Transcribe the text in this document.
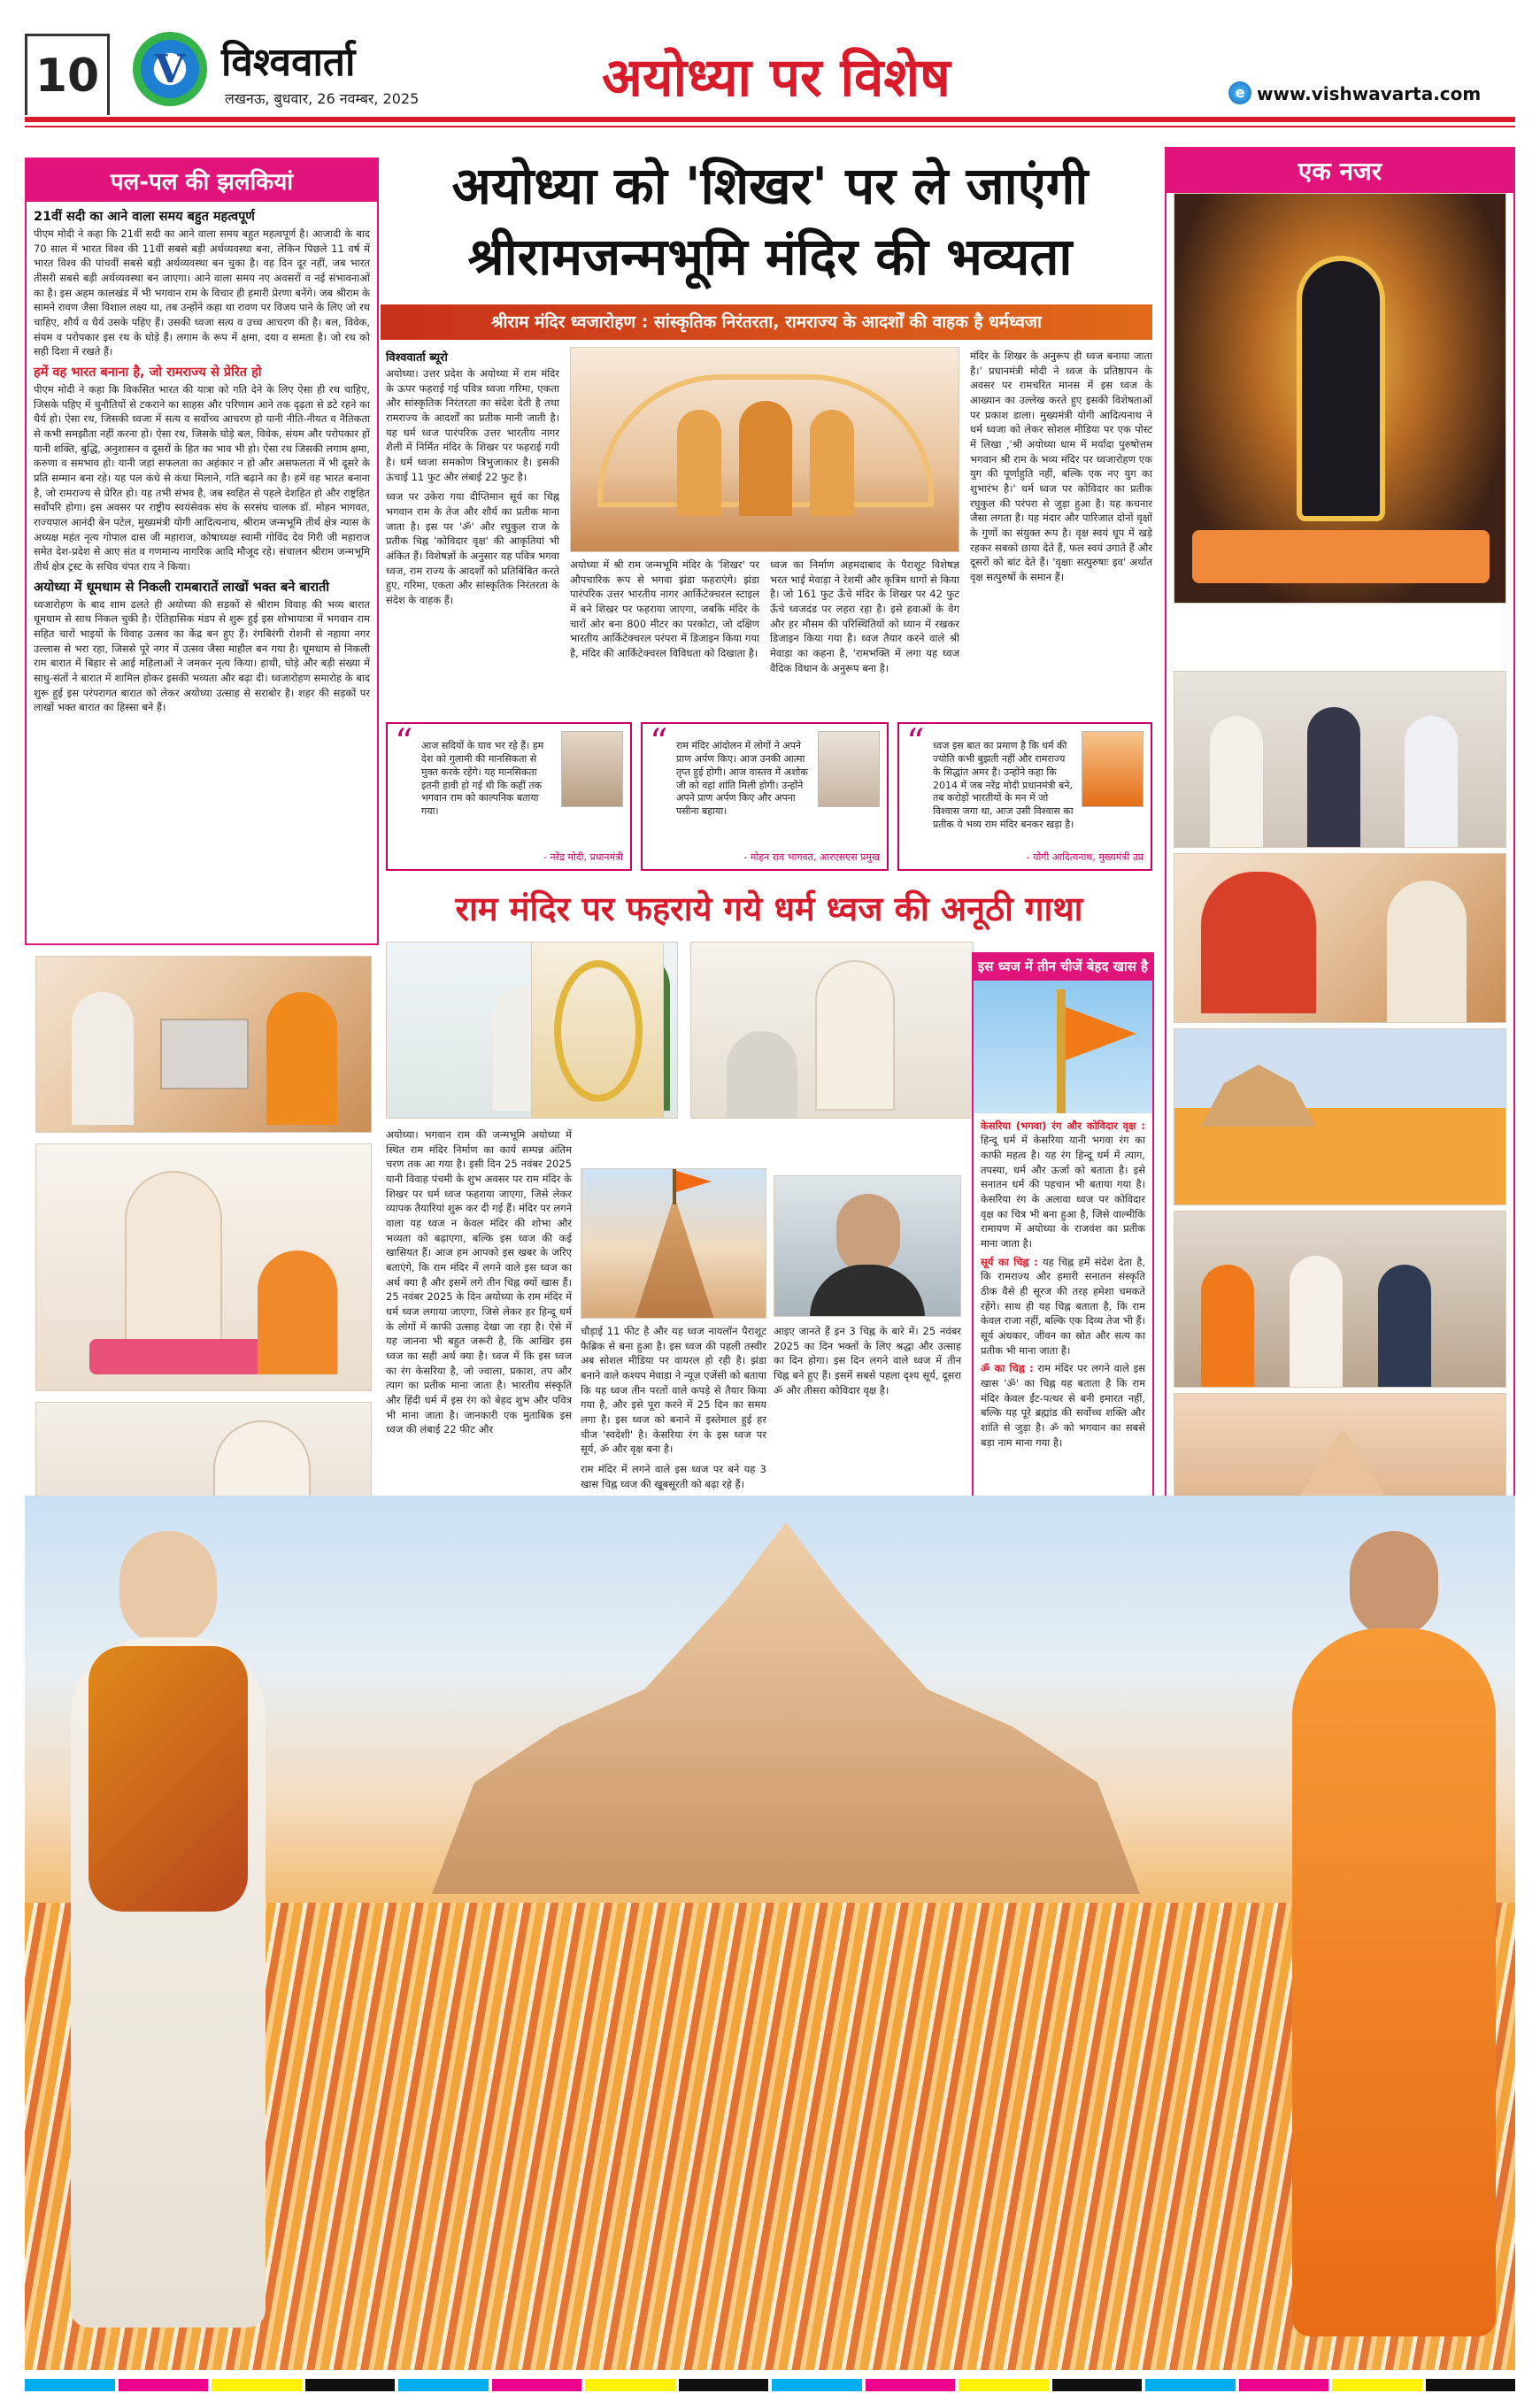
10 V विश्ववार्ता
लखनऊ, बुधवार, 26 नवम्बर, 2025	अयोध्या पर विशेष	e www.vishwavarta.com
पल-पल की झलकियां
21वीं सदी का आने वाला समय बहुत महत्वपूर्ण

पीएम मोदी ने कहा कि 21वीं सदी का आने वाला समय बहुत महत्वपूर्ण है। आजादी के बाद 70 साल में भारत विश्व की 11वीं सबसे बड़ी अर्थव्यवस्था बना, लेकिन पिछले 11 वर्ष में भारत विश्व की पांचवीं सबसे बड़ी अर्थव्यवस्था बन चुका है। वह दिन दूर नहीं, जब भारत तीसरी सबसे बड़ी अर्थव्यवस्था बन जाएगा। आने वाला समय नए अवसरों व नई संभावनाओं का है। इस अहम कालखंड में भी भगवान राम के विचार ही हमारी प्रेरणा बनेंगे। जब श्रीराम के सामने रावण जैसा विशाल लक्ष्य था, तब उन्होंने कहा था रावण पर विजय पाने के लिए जो रथ चाहिए, शौर्य व धैर्य उसके पहिए हैं। उसकी ध्वजा सत्य व उच्च आचरण की है। बल, विवेक, संयम व परोपकार इस रथ के घोड़े हैं। लगाम के रूप में क्षमा, दया व समता है। जो रथ को सही दिशा में रखते हैं।

हमें वह भारत बनाना है, जो रामराज्य से प्रेरित हो

पीएम मोदी ने कहा कि विकसित भारत की यात्रा को गति देने के लिए ऐसा ही रथ चाहिए, जिसके पहिए में चुनौतियों से टकराने का साहस और परिणाम आने तक दृढ़ता से डटे रहने का धैर्य हो। ऐसा रथ, जिसकी ध्वजा में सत्य व सर्वोच्च आचरण हो यानी नीति-नीयत व नैतिकता से कभी समझौता नहीं करना हो। ऐसा रथ, जिसके घोड़े बल, विवेक, संयम और परोपकार हों यानी शक्ति, बुद्धि, अनुशासन व दूसरों के हित का भाव भी हो। ऐसा रथ जिसकी लगाम क्षमा, करुणा व समभाव हो। यानी जहां सफलता का अहंकार न हो और असफलता में भी दूसरे के प्रति सम्मान बना रहे। यह पल कंधे से कंधा मिलाने, गति बढ़ाने का है। हमें वह भारत बनाना है, जो रामराज्य से प्रेरित हो। यह तभी संभव है, जब स्वहित से पहले देशहित हो और राष्ट्रहित सर्वोपरि होगा। इस अवसर पर राष्ट्रीय स्वयंसेवक संघ के सरसंघ चालक डॉ. मोहन भागवत, राज्यपाल आनंदी बेन पटेल, मुख्यमंत्री योगी आदित्यनाथ, श्रीराम जन्मभूमि तीर्थ क्षेत्र न्यास के अध्यक्ष महंत नृत्य गोपाल दास जी महाराज, कोषाध्यक्ष स्वामी गोविंद देव गिरी जी महाराज समेत देश-प्रदेश से आए संत व गणमान्य नागरिक आदि मौजूद रहे। संचालन श्रीराम जन्मभूमि तीर्थ क्षेत्र ट्रस्ट के सचिव चंपत राय ने किया।

अयोध्या में धूमधाम से निकली रामबारातें लाखों भक्त बने बाराती

ध्वजारोहण के बाद शाम ढलते ही अयोध्या की सड़कों से श्रीराम विवाह की भव्य बारात धूमधाम से साथ निकल चुकी है। ऐतिहासिक मंडप से शुरू हुई इस शोभायात्रा में भगवान राम सहित चारों भाइयों के विवाह उत्सव का केंद्र बन हुए हैं। रंगबिरंगी रोशनी से नहाया नगर उल्लास से भरा रहा, जिससे पूरे नगर में उत्सव जैसा माहौल बन गया है। धूमधाम से निकली राम बारात में बिहार से आई महिलाओं ने जमकर नृत्य किया। हाथी, घोड़े और बड़ी संख्या में साधु-संतों ने बारात में शामिल होकर इसकी भव्यता और बढ़ा दी। ध्वजारोहण समारोह के बाद शुरू हुई इस परंपरागत बारात को लेकर अयोध्या उत्साह से सराबोर है। शहर की सड़कों पर लाखों भक्त बारात का हिस्सा बने हैं।

अयोध्या को 'शिखर' पर ले जाएंगी
श्रीरामजन्मभूमि मंदिर की भव्यता
श्रीराम मंदिर ध्वजारोहण : सांस्कृतिक निरंतरता, रामराज्य के आदर्शों की वाहक है धर्मध्वजा
विश्ववार्ता ब्यूरो

अयोध्या। उत्तर प्रदेश के अयोध्या में राम मंदिर के ऊपर फहराई गई पवित्र ध्वजा गरिमा, एकता और सांस्कृतिक निरंतरता का संदेश देती है तथा रामराज्य के आदर्शों का प्रतीक मानी जाती है। यह धर्म ध्वज पारंपरिक उत्तर भारतीय नागर शैली में निर्मित मंदिर के शिखर पर फहराई गयी है। धर्म ध्वजा समकोण त्रिभुजाकार है। इसकी ऊंचाई 11 फुट और लंबाई 22 फुट है।

ध्वज पर उकेरा गया दीप्तिमान सूर्य का चिह्न भगवान राम के तेज और शौर्य का प्रतीक माना जाता है। इस पर 'ॐ' और रघुकुल राज के प्रतीक चिह्न 'कोविदार वृक्ष' की आकृतियां भी अंकित हैं। विशेषज्ञों के अनुसार यह पवित्र भगवा ध्वज, राम राज्य के आदर्शों को प्रतिबिंबित करते हुए, गरिमा, एकता और सांस्कृतिक निरंतरता के संदेश के वाहक हैं।

अयोध्या में श्री राम जन्मभूमि मंदिर के 'शिखर' पर औपचारिक रूप से भगवा झंडा फहराएंगे। झंडा पारंपरिक उत्तर भारतीय नागर आर्किटेक्चरल स्टाइल में बने शिखर पर फहराया जाएगा, जबकि मंदिर के चारों ओर बना 800 मीटर का परकोटा, जो दक्षिण भारतीय आर्किटेक्चरल परंपरा में डिजाइन किया गया है, मंदिर की आर्किटेक्चरल विविधता को दिखाता है।

ध्वज का निर्माण अहमदाबाद के पैराशूट विशेषज्ञ भरत भाई मेवाड़ा ने रेशमी और कृत्रिम धागों से किया है। जो 161 फुट ऊँचे मंदिर के शिखर पर 42 फुट ऊँचे ध्वजदंड पर लहरा रहा है। इसे हवाओं के वेग और हर मौसम की परिस्थितियों को ध्यान में रखकर डिजाइन किया गया है। ध्वज तैयार करने वाले श्री मेवाड़ा का कहना है, 'रामभक्ति में लगा यह ध्वज वैदिक विधान के अनुरूप बना है।

मंदिर के शिखर के अनुरूप ही ध्वज बनाया जाता है।' प्रधानमंत्री मोदी ने ध्वज के प्रतिष्ठापन के अवसर पर रामचरित मानस में इस ध्वज के आख्यान का उल्लेख करते हुए इसकी विशेषताओं पर प्रकाश डाला। मुख्यमंत्री योगी आदित्यनाथ ने धर्म ध्वजा को लेकर सोशल मीडिया पर एक पोस्ट में लिखा ,'श्री अयोध्या धाम में मर्यादा पुरुषोत्तम भगवान श्री राम के भव्य मंदिर पर ध्वजारोहण एक युग की पूर्णाहुति नहीं, बल्कि एक नए युग का शुभारंभ है।' धर्म ध्वज पर कोविदार का प्रतीक रघुकुल की परंपरा से जुड़ा हुआ है। यह कचनार जैसा लगता है। यह मंदार और पारिजात दोनों वृक्षों के गुणों का संयुक्त रूप है। वृक्ष स्वयं धूप में खड़े रहकर सबको छाया देते हैं, फल स्वयं उगाते हैं और दूसरों को बांट देते हैं। 'वृक्षाः सत्पुरुषाः इव' अर्थात वृक्ष सत्पुरुषों के समान हैं।

“ आज सदियों के घाव भर रहे हैं। हम देश को गुलामी की मानसिकता से मुक्त करके रहेंगे। यह मानसिकता इतनी हावी हो गई थी कि कहीं तक भगवान राम को काल्पनिक बताया गया।

- नरेंद्र मोदी, प्रधानमंत्री
“ राम मंदिर आंदोलन में लोगों ने अपने प्राण अर्पण किए। आज उनकी आत्मा तृप्त हुई होगी। आज वास्तव में अशोक जी को वहां शांति मिली होगी। उन्होंने अपने प्राण अर्पण किए और अपना पसीना बहाया।

- मोहन राव भागवत, आरएसएस प्रमुख
“ ध्वज इस बात का प्रमाण है कि धर्म की ज्योति कभी बुझती नहीं और रामराज्य के सिद्धांत अमर हैं। उन्होंने कहा कि 2014 में जब नरेंद्र मोदी प्रधानमंत्री बने, तब करोड़ों भारतीयों के मन में जो विश्वास जगा था, आज उसी विश्वास का प्रतीक ये भव्य राम मंदिर बनकर खड़ा है।

- योगी आदित्यनाथ, मुख्यमंत्री उप्र
राम मंदिर पर फहराये गये धर्म ध्वज की अनूठी गाथा
इस ध्वज में तीन चीजें बेहद खास है

केसरिया (भगवा) रंग और कोविदार वृक्ष : हिन्दू धर्म में केसरिया यानी भगवा रंग का काफी महत्व है। यह रंग हिन्दू धर्म में त्याग, तपस्या, धर्म और ऊर्जा को बताता है। इसे सनातन धर्म की पहचान भी बताया गया है। केसरिया रंग के अलावा ध्वज पर कोविदार वृक्ष का चित्र भी बना हुआ है, जिसे वाल्मीकि रामायण में अयोध्या के राजवंश का प्रतीक माना जाता है।

सूर्य का चिह्न : यह चिह्न हमें संदेश देता है, कि रामराज्य और हमारी सनातन संस्कृति ठीक वैसे ही सूरज की तरह हमेशा चमकते रहेंगे। साथ ही यह चिह्न बताता है, कि राम केवल राजा नहीं, बल्कि एक दिव्य तेज भी हैं। सूर्य अंधकार, जीवन का स्रोत और सत्य का प्रतीक भी माना जाता है।

ॐ का चिह्न : राम मंदिर पर लगने वाले इस खास 'ॐ' का चिह्न यह बताता है कि राम मंदिर केवल ईंट-पत्थर से बनी इमारत नहीं, बल्कि यह पूरे ब्रह्मांड की सर्वोच्च शक्ति और शांति से जुड़ा है। ॐ को भगवान का सबसे बड़ा नाम माना गया है।

अयोध्या। भगवान राम की जन्मभूमि अयोध्या में स्थित राम मंदिर निर्माण का कार्य सम्पन्न अंतिम चरण तक आ गया है। इसी दिन 25 नवंबर 2025 यानी विवाह पंचमी के शुभ अवसर पर राम मंदिर के शिखर पर धर्म ध्वज फहराया जाएगा, जिसे लेकर व्यापक तैयारियां शुरू कर दी गई हैं। मंदिर पर लगने वाला यह ध्वज न केवल मंदिर की शोभा और भव्यता को बढ़ाएगा, बल्कि इस ध्वज की कई खासियत हैं। आज हम आपको इस खबर के जरिए बताएंगे, कि राम मंदिर में लगने वाले इस ध्वज का अर्थ क्या है और इसमें लगे तीन चिह्न क्यों खास हैं। 25 नवंबर 2025 के दिन अयोध्या के राम मंदिर में धर्म ध्वज लगाया जाएगा, जिसे लेकर हर हिन्दू धर्म के लोगों में काफी उत्साह देखा जा रहा है। ऐसे में यह जानना भी बहुत जरूरी है, कि आखिर इस ध्वज का सही अर्थ क्या है। ध्वज में कि इस ध्वज का रंग केसरिया है, जो ज्वाला, प्रकाश, तप और त्याग का प्रतीक माना जाता है। भारतीय संस्कृति और हिंदी धर्म में इस रंग को बेहद शुभ और पवित्र भी माना जाता है। जानकारी एक मुताबिक इस ध्वज की लंबाई 22 फीट और

चौड़ाई 11 फीट है और यह ध्वज नायलॉन पैराशूट फैब्रिक से बना हुआ है। इस ध्वज की पहली तस्वीर अब सोशल मीडिया पर वायरल हो रही है। झंडा बनाने वाले कश्यप मेवाड़ा ने न्यूज़ एजेंसी को बताया कि यह ध्वज तीन परतों वाले कपड़े से तैयार किया गया है, और इसे पूरा करने में 25 दिन का समय लगा है। इस ध्वज को बनाने में इस्तेमाल हुई हर चीज 'स्वदेशी' है। केसरिया रंग के इस ध्वज पर सूर्य, ॐ और वृक्ष बना है।

राम मंदिर में लगने वाले इस ध्वज पर बने यह 3 खास चिह्न ध्वज की खूबसूरती को बढ़ा रहे हैं।

आइए जानते हैं इन 3 चिह्न के बारे में। 25 नवंबर 2025 का दिन भक्तों के लिए श्रद्धा और उत्साह का दिन होगा। इस दिन लगने वाले ध्वज में तीन चिह्न बने हुए हैं। इसमें सबसे पहला दृश्य सूर्य, दूसरा ॐ और तीसरा कोविदार वृक्ष है।

एक नजर
